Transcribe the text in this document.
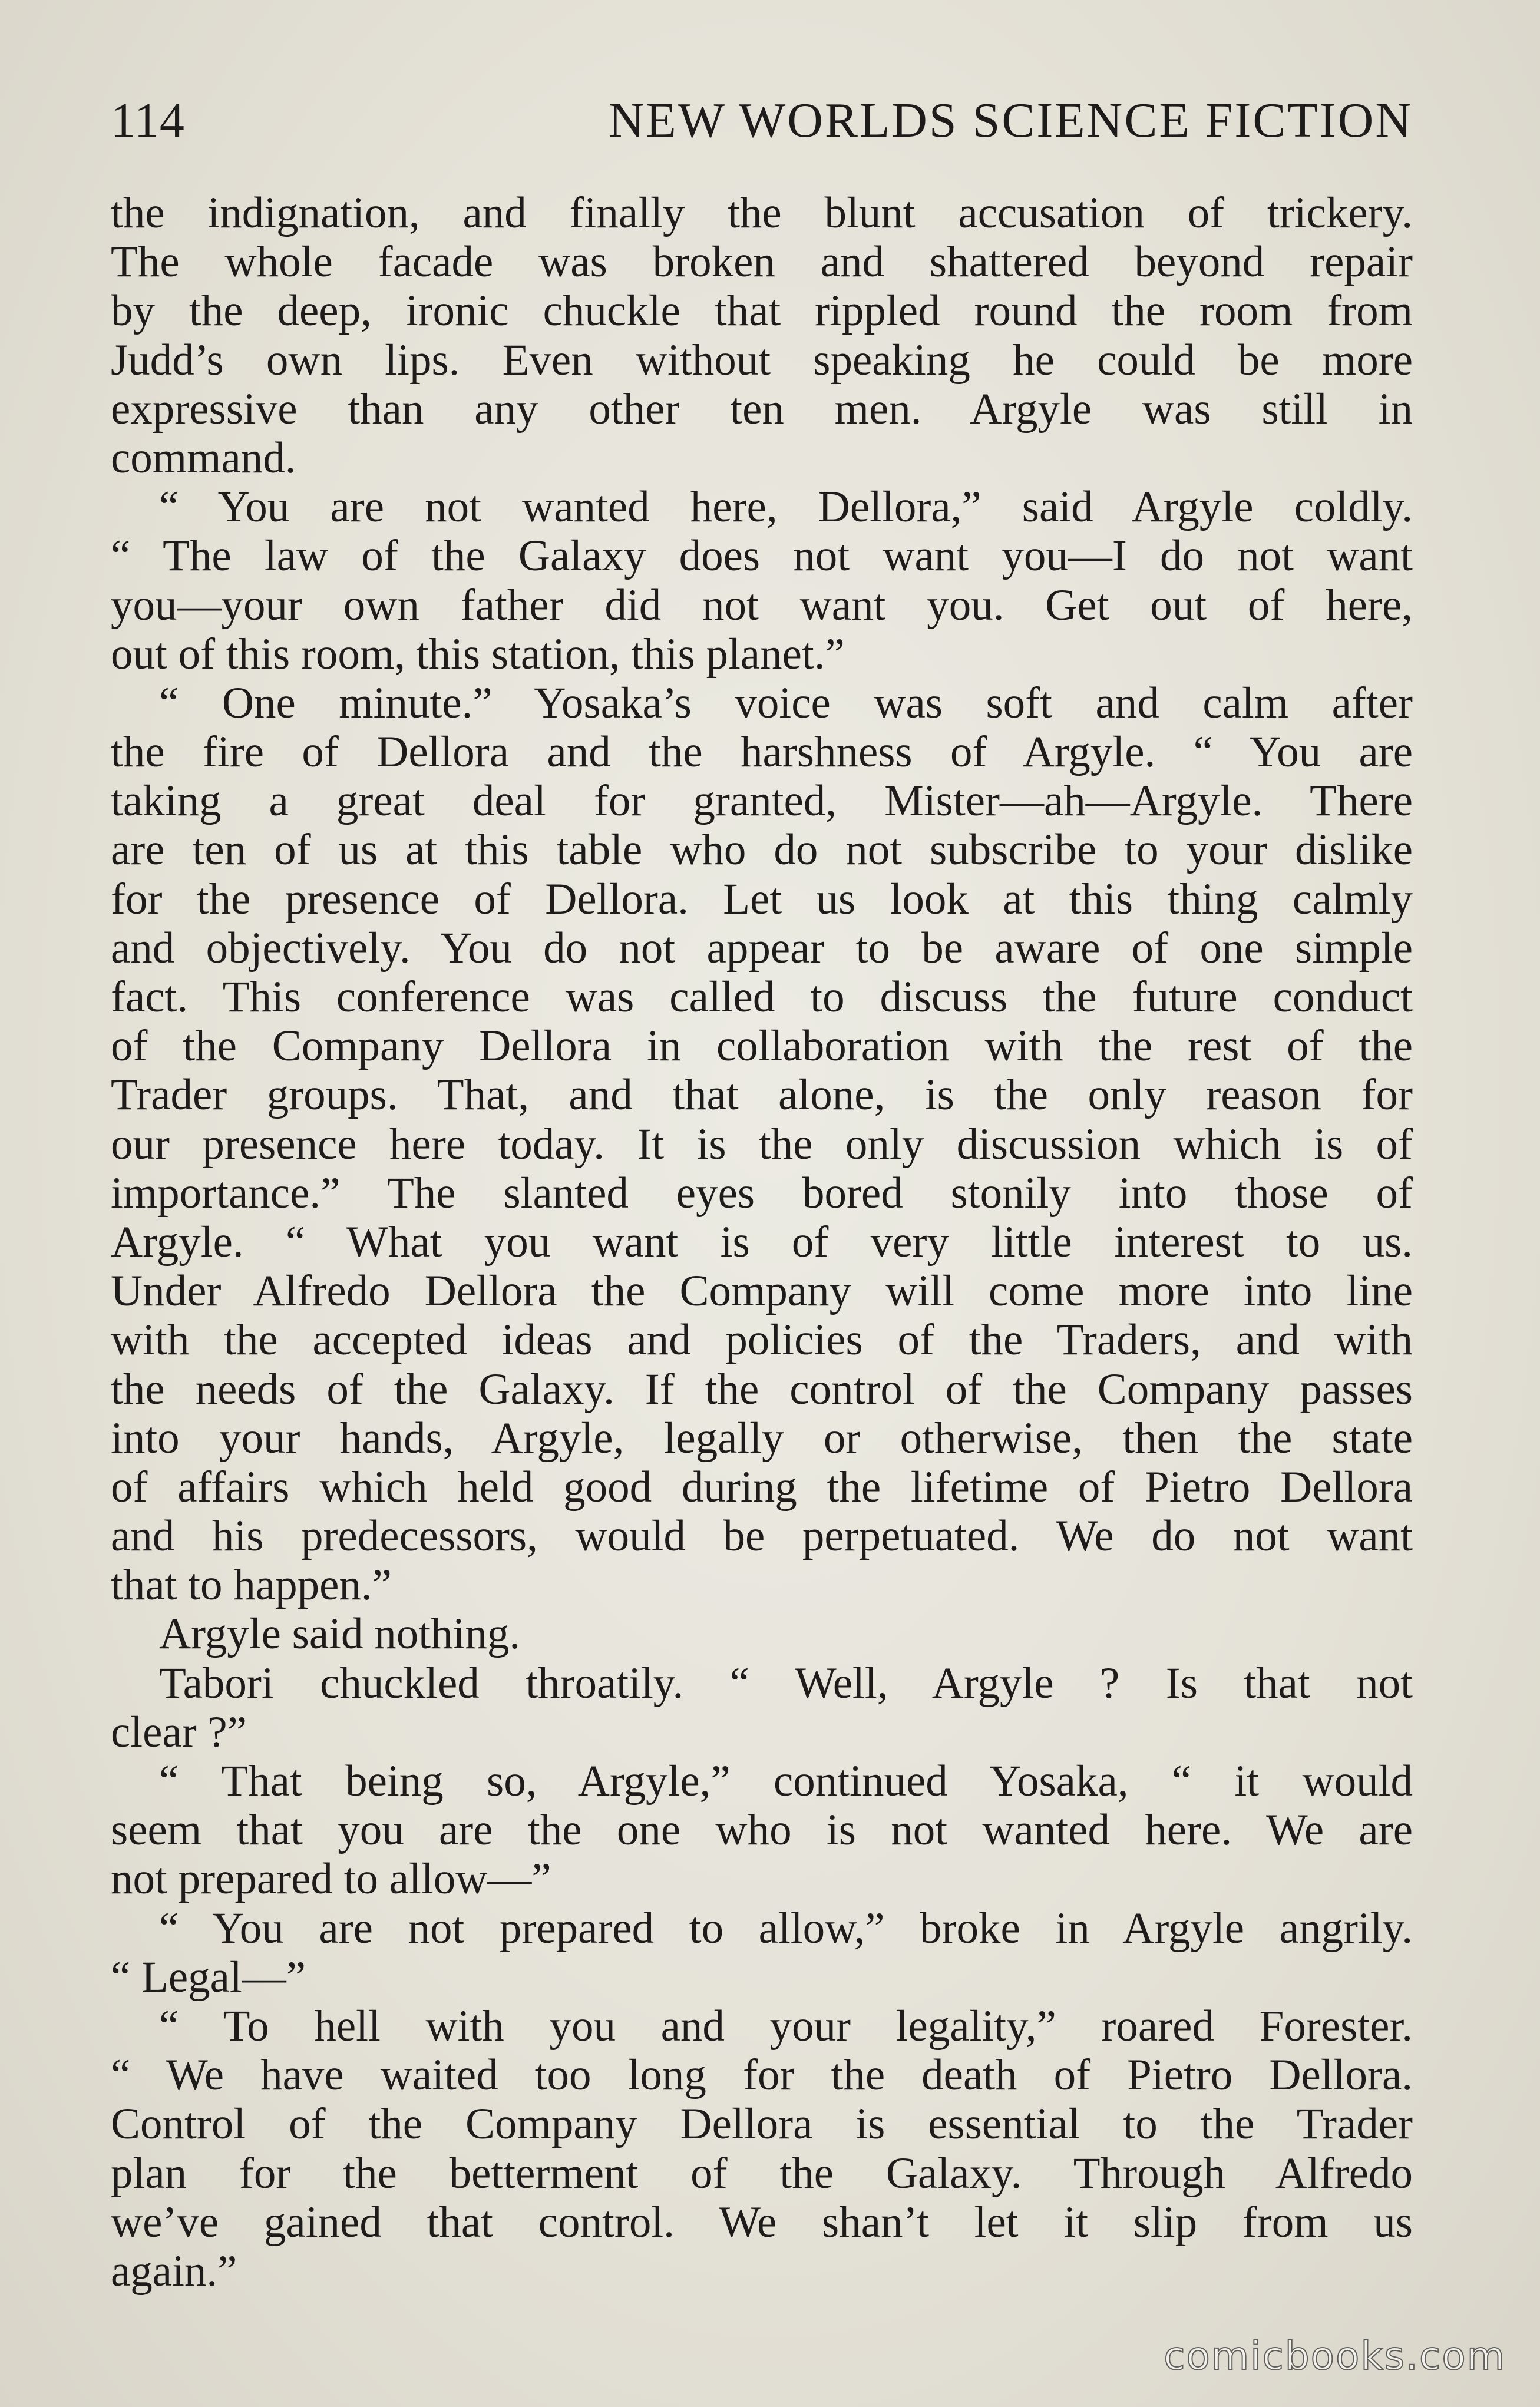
114	NEW WORLDS SCIENCE FICTION
the indignation, and finally the blunt accusation of trickery.
The whole facade was broken and shattered beyond repair
by the deep, ironic chuckle that rippled round the room from
Judd’s own lips. Even without speaking he could be more
expressive than any other ten men. Argyle was still in
command.
“ You are not wanted here, Dellora,” said Argyle coldly.
“ The law of the Galaxy does not want you—I do not want
you—your own father did not want you. Get out of here,
out of this room, this station, this planet.”
“ One minute.” Yosaka’s voice was soft and calm after
the fire of Dellora and the harshness of Argyle. “ You are
taking a great deal for granted, Mister—ah—Argyle. There
are ten of us at this table who do not subscribe to your dislike
for the presence of Dellora. Let us look at this thing calmly
and objectively. You do not appear to be aware of one simple
fact. This conference was called to discuss the future conduct
of the Company Dellora in collaboration with the rest of the
Trader groups. That, and that alone, is the only reason for
our presence here today. It is the only discussion which is of
importance.” The slanted eyes bored stonily into those of
Argyle. “ What you want is of very little interest to us.
Under Alfredo Dellora the Company will come more into line
with the accepted ideas and policies of the Traders, and with
the needs of the Galaxy. If the control of the Company passes
into your hands, Argyle, legally or otherwise, then the state
of affairs which held good during the lifetime of Pietro Dellora
and his predecessors, would be perpetuated. We do not want
that to happen.”
Argyle said nothing.
Tabori chuckled throatily. “ Well, Argyle ? Is that not
clear ?”
“ That being so, Argyle,” continued Yosaka, “ it would
seem that you are the one who is not wanted here. We are
not prepared to allow—”
“ You are not prepared to allow,” broke in Argyle angrily.
“ Legal—”
“ To hell with you and your legality,” roared Forester.
“ We have waited too long for the death of Pietro Dellora.
Control of the Company Dellora is essential to the Trader
plan for the betterment of the Galaxy. Through Alfredo
we’ve gained that control. We shan’t let it slip from us
again.”
comicbooks.com
